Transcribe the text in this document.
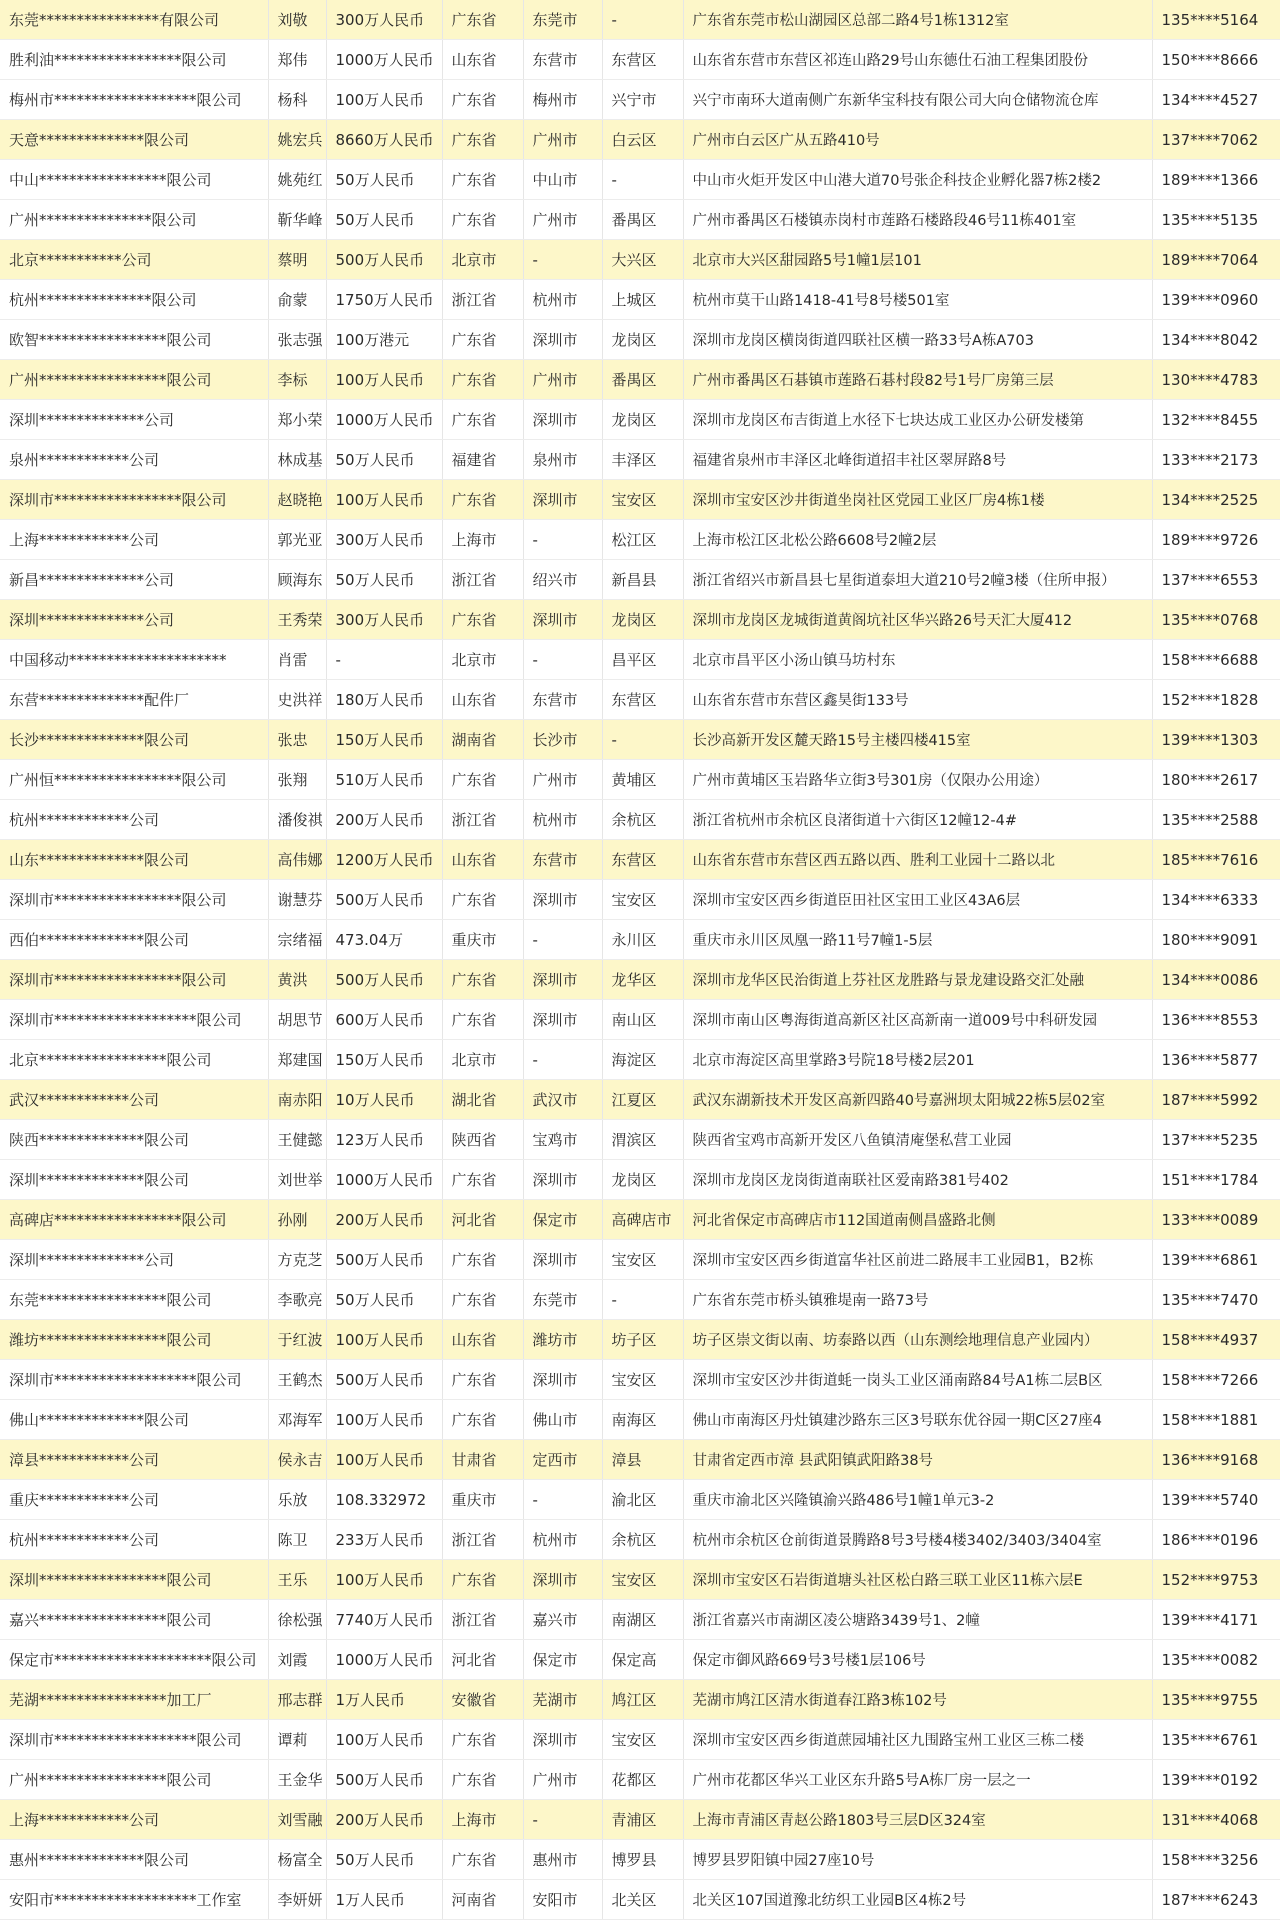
东莞****************有限公司	刘敬	300万人民币	广东省	东莞市	-	广东省东莞市松山湖园区总部二路4号1栋1312室	135****5164
胜利油*****************限公司	郑伟	1000万人民币	山东省	东营市	东营区	山东省东营市东营区祁连山路29号山东德仕石油工程集团股份	150****8666
梅州市*******************限公司	杨科	100万人民币	广东省	梅州市	兴宁市	兴宁市南环大道南侧广东新华宝科技有限公司大向仓储物流仓库	134****4527
天意**************限公司	姚宏兵	8660万人民币	广东省	广州市	白云区	广州市白云区广从五路410号	137****7062
中山*****************限公司	姚苑红	50万人民币	广东省	中山市	-	中山市火炬开发区中山港大道70号张企科技企业孵化器7栋2楼2	189****1366
广州***************限公司	靳华峰	50万人民币	广东省	广州市	番禺区	广州市番禺区石楼镇赤岗村市莲路石楼路段46号11栋401室	135****5135
北京***********公司	蔡明	500万人民币	北京市	-	大兴区	北京市大兴区甜园路5号1幢1层101	189****7064
杭州***************限公司	俞蒙	1750万人民币	浙江省	杭州市	上城区	杭州市莫干山路1418-41号8号楼501室	139****0960
欧智*****************限公司	张志强	100万港元	广东省	深圳市	龙岗区	深圳市龙岗区横岗街道四联社区横一路33号A栋A703	134****8042
广州*****************限公司	李标	100万人民币	广东省	广州市	番禺区	广州市番禺区石碁镇市莲路石碁村段82号1号厂房第三层	130****4783
深圳**************公司	郑小荣	1000万人民币	广东省	深圳市	龙岗区	深圳市龙岗区布吉街道上水径下七块达成工业区办公研发楼第	132****8455
泉州************公司	林成基	50万人民币	福建省	泉州市	丰泽区	福建省泉州市丰泽区北峰街道招丰社区翠屏路8号	133****2173
深圳市*****************限公司	赵晓艳	100万人民币	广东省	深圳市	宝安区	深圳市宝安区沙井街道坐岗社区党园工业区厂房4栋1楼	134****2525
上海************公司	郭光亚	300万人民币	上海市	-	松江区	上海市松江区北松公路6608号2幢2层	189****9726
新昌**************公司	顾海东	50万人民币	浙江省	绍兴市	新昌县	浙江省绍兴市新昌县七星街道泰坦大道210号2幢3楼（住所申报）	137****6553
深圳**************公司	王秀荣	300万人民币	广东省	深圳市	龙岗区	深圳市龙岗区龙城街道黄阁坑社区华兴路26号天汇大厦412	135****0768
中国移动*********************	肖雷	-	北京市	-	昌平区	北京市昌平区小汤山镇马坊村东	158****6688
东营**************配件厂	史洪祥	180万人民币	山东省	东营市	东营区	山东省东营市东营区鑫昊街133号	152****1828
长沙**************限公司	张忠	150万人民币	湖南省	长沙市	-	长沙高新开发区麓天路15号主楼四楼415室	139****1303
广州恒*****************限公司	张翔	510万人民币	广东省	广州市	黄埔区	广州市黄埔区玉岩路华立街3号301房（仅限办公用途）	180****2617
杭州************公司	潘俊祺	200万人民币	浙江省	杭州市	余杭区	浙江省杭州市余杭区良渚街道十六街区12幢12-4#	135****2588
山东**************限公司	高伟娜	1200万人民币	山东省	东营市	东营区	山东省东营市东营区西五路以西、胜利工业园十二路以北	185****7616
深圳市*****************限公司	谢慧芬	500万人民币	广东省	深圳市	宝安区	深圳市宝安区西乡街道臣田社区宝田工业区43A6层	134****6333
西伯**************限公司	宗绪福	473.04万	重庆市	-	永川区	重庆市永川区凤凰一路11号7幢1-5层	180****9091
深圳市*****************限公司	黄洪	500万人民币	广东省	深圳市	龙华区	深圳市龙华区民治街道上芬社区龙胜路与景龙建设路交汇处融	134****0086
深圳市*******************限公司	胡思节	600万人民币	广东省	深圳市	南山区	深圳市南山区粤海街道高新区社区高新南一道009号中科研发园	136****8553
北京*****************限公司	郑建国	150万人民币	北京市	-	海淀区	北京市海淀区高里掌路3号院18号楼2层201	136****5877
武汉************公司	南赤阳	10万人民币	湖北省	武汉市	江夏区	武汉东湖新技术开发区高新四路40号嘉洲坝太阳城22栋5层02室	187****5992
陕西**************限公司	王健懿	123万人民币	陕西省	宝鸡市	渭滨区	陕西省宝鸡市高新开发区八鱼镇清庵堡私营工业园	137****5235
深圳**************限公司	刘世举	1000万人民币	广东省	深圳市	龙岗区	深圳市龙岗区龙岗街道南联社区爱南路381号402	151****1784
高碑店*****************限公司	孙刚	200万人民币	河北省	保定市	高碑店市	河北省保定市高碑店市112国道南侧昌盛路北侧	133****0089
深圳**************公司	方克芝	500万人民币	广东省	深圳市	宝安区	深圳市宝安区西乡街道富华社区前进二路展丰工业园B1，B2栋	139****6861
东莞*****************限公司	李歌亮	50万人民币	广东省	东莞市	-	广东省东莞市桥头镇雅堤南一路73号	135****7470
潍坊*****************限公司	于红波	100万人民币	山东省	潍坊市	坊子区	坊子区崇文街以南、坊泰路以西（山东测绘地理信息产业园内）	158****4937
深圳市*******************限公司	王鹤杰	500万人民币	广东省	深圳市	宝安区	深圳市宝安区沙井街道蚝一岗头工业区涌南路84号A1栋二层B区	158****7266
佛山**************限公司	邓海军	100万人民币	广东省	佛山市	南海区	佛山市南海区丹灶镇建沙路东三区3号联东优谷园一期C区27座4	158****1881
漳县************公司	侯永吉	100万人民币	甘肃省	定西市	漳县	甘肃省定西市漳 县武阳镇武阳路38号	136****9168
重庆************公司	乐放	108.332972	重庆市	-	渝北区	重庆市渝北区兴隆镇渝兴路486号1幢1单元3-2	139****5740
杭州************公司	陈卫	233万人民币	浙江省	杭州市	余杭区	杭州市余杭区仓前街道景腾路8号3号楼4楼3402/3403/3404室	186****0196
深圳*****************限公司	王乐	100万人民币	广东省	深圳市	宝安区	深圳市宝安区石岩街道塘头社区松白路三联工业区11栋六层E	152****9753
嘉兴*****************限公司	徐松强	7740万人民币	浙江省	嘉兴市	南湖区	浙江省嘉兴市南湖区凌公塘路3439号1、2幢	139****4171
保定市*********************限公司	刘霞	1000万人民币	河北省	保定市	保定高	保定市御风路669号3号楼1层106号	135****0082
芜湖*****************加工厂	邢志群	1万人民币	安徽省	芜湖市	鸠江区	芜湖市鸠江区清水街道春江路3栋102号	135****9755
深圳市*******************限公司	谭莉	100万人民币	广东省	深圳市	宝安区	深圳市宝安区西乡街道蔗园埔社区九围路宝州工业区三栋二楼	135****6761
广州*****************限公司	王金华	500万人民币	广东省	广州市	花都区	广州市花都区华兴工业区东升路5号A栋厂房一层之一	139****0192
上海************公司	刘雪融	200万人民币	上海市	-	青浦区	上海市青浦区青赵公路1803号三层D区324室	131****4068
惠州**************限公司	杨富全	50万人民币	广东省	惠州市	博罗县	博罗县罗阳镇中园27座10号	158****3256
安阳市*******************工作室	李妍妍	1万人民币	河南省	安阳市	北关区	北关区107国道豫北纺织工业园B区4栋2号	187****6243
